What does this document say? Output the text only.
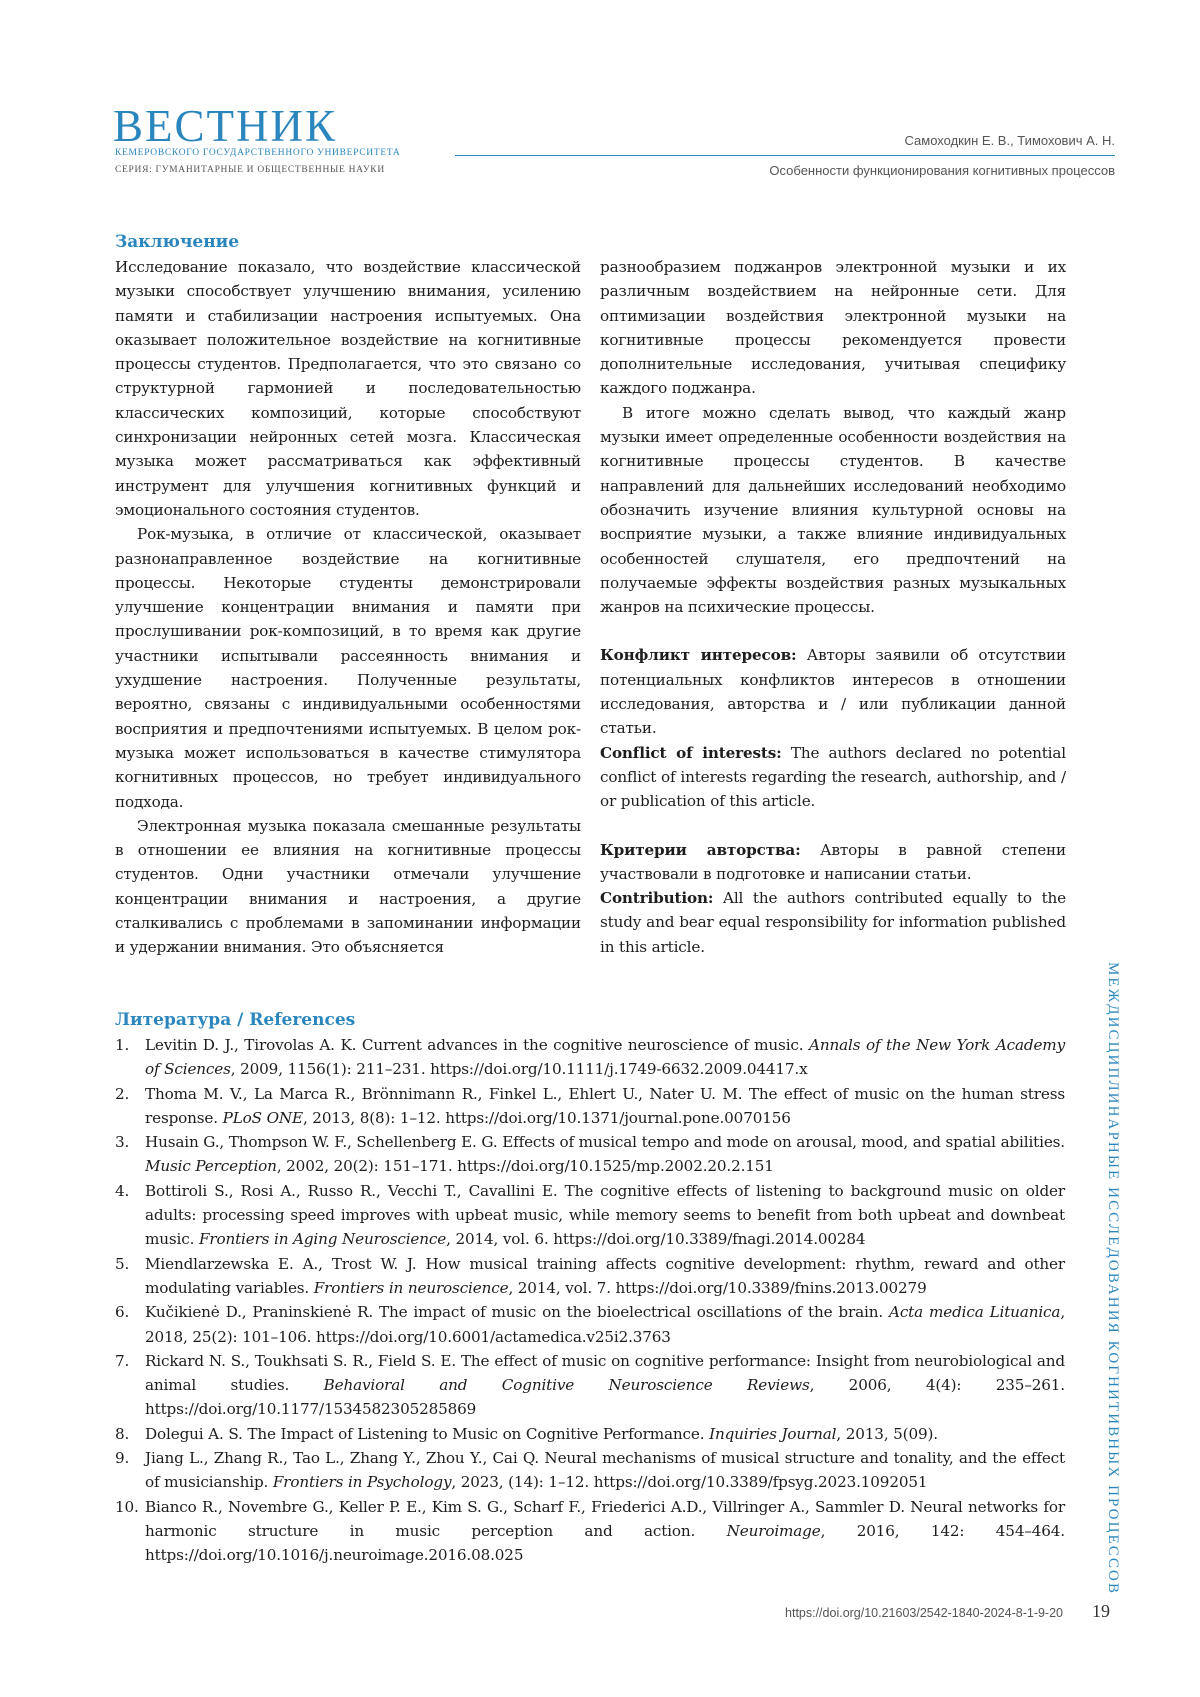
ВЕСТНИК

КЕМЕРОВСКОГО ГОСУДАРСТВЕННОГО УНИВЕРСИТЕТА

СЕРИЯ: ГУМАНИТАРНЫЕ И ОБЩЕСТВЕННЫЕ НАУКИ

Самоходкин Е. В., Тимохович А. Н.

Особенности функционирования когнитивных процессов

Заключение

Исследование показало, что воздействие классической музыки способствует улучшению внимания, усилению памяти и стабилизации настроения испытуемых. Она оказывает положительное воздействие на когнитивные процессы студентов. Предполагается, что это связано со структурной гармонией и последовательностью классических композиций, которые способствуют синхронизации нейронных сетей мозга. Классическая музыка может рассматриваться как эффективный инструмент для улучшения когнитивных функций и эмоционального состояния студентов.

Рок-музыка, в отличие от классической, оказывает разнонаправленное воздействие на когнитивные процессы. Некоторые студенты демонстрировали улучшение концентрации внимания и памяти при прослушивании рок-композиций, в то время как другие участники испытывали рассеянность внимания и ухудшение настроения. Полученные результаты, вероятно, связаны с индивидуальными особенностями восприятия и предпочтениями испытуемых. В целом рок-музыка может использоваться в качестве стимулятора когнитивных процессов, но требует индивидуального подхода.

Электронная музыка показала смешанные результаты в отношении ее влияния на когнитивные процессы студентов. Одни участники отмечали улучшение концентрации внимания и настроения, а другие сталкивались с проблемами в запоминании информации и удержании внимания. Это объясняется

разнообразием поджанров электронной музыки и их различным воздействием на нейронные сети. Для оптимизации воздействия электронной музыки на когнитивные процессы рекомендуется провести дополнительные исследования, учитывая специфику каждого поджанра.

В итоге можно сделать вывод, что каждый жанр музыки имеет определенные особенности воздействия на когнитивные процессы студентов. В качестве направлений для дальнейших исследований необходимо обозначить изучение влияния культурной основы на восприятие музыки, а также влияние индивидуальных особенностей слушателя, его предпочтений на получаемые эффекты воздействия разных музыкальных жанров на психические процессы.

Конфликт интересов: Авторы заявили об отсутствии потенциальных конфликтов интересов в отношении исследования, авторства и / или публикации данной статьи.

Conflict of interests: The authors declared no potential conflict of interests regarding the research, authorship, and / or publication of this article.

Критерии авторства: Авторы в равной степени участвовали в подготовке и написании статьи.

Contribution: All the authors contributed equally to the study and bear equal responsibility for information published in this article.

Литература / References
1. Levitin D. J., Tirovolas A. K. Current advances in the cognitive neuroscience of music. Annals of the New York Academy of Sciences, 2009, 1156(1): 211–231. https://doi.org/10.1111/j.1749-6632.2009.04417.x
2. Thoma M. V., La Marca R., Brönnimann R., Finkel L., Ehlert U., Nater U. M. The effect of music on the human stress response. PLoS ONE, 2013, 8(8): 1–12. https://doi.org/10.1371/journal.pone.0070156
3. Husain G., Thompson W. F., Schellenberg E. G. Effects of musical tempo and mode on arousal, mood, and spatial abilities. Music Perception, 2002, 20(2): 151–171. https://doi.org/10.1525/mp.2002.20.2.151
4. Bottiroli S., Rosi A., Russo R., Vecchi T., Cavallini E. The cognitive effects of listening to background music on older adults: processing speed improves with upbeat music, while memory seems to benefit from both upbeat and downbeat music. Frontiers in Aging Neuroscience, 2014, vol. 6. https://doi.org/10.3389/fnagi.2014.00284
5. Miendlarzewska E. A., Trost W. J. How musical training affects cognitive development: rhythm, reward and other modulating variables. Frontiers in neuroscience, 2014, vol. 7. https://doi.org/10.3389/fnins.2013.00279
6. Kučikienė D., Praninskienė R. The impact of music on the bioelectrical oscillations of the brain. Acta medica Lituanica, 2018, 25(2): 101–106. https://doi.org/10.6001/actamedica.v25i2.3763
7. Rickard N. S., Toukhsati S. R., Field S. E. The effect of music on cognitive performance: Insight from neurobiological and animal studies. Behavioral and Cognitive Neuroscience Reviews, 2006, 4(4): 235–261. https://doi.org/10.1177/1534582305285869
8. Dolegui A. S. The Impact of Listening to Music on Cognitive Performance. Inquiries Journal, 2013, 5(09).
9. Jiang L., Zhang R., Tao L., Zhang Y., Zhou Y., Cai Q. Neural mechanisms of musical structure and tonality, and the effect of musicianship. Frontiers in Psychology, 2023, (14): 1–12. https://doi.org/10.3389/fpsyg.2023.1092051
10. Bianco R., Novembre G., Keller P. E., Kim S. G., Scharf F., Friederici A.D., Villringer A., Sammler D. Neural networks for harmonic structure in music perception and action. Neuroimage, 2016, 142: 454–464. https://doi.org/10.1016/j.neuroimage.2016.08.025	МЕЖДИСЦИПЛИНАРНЫЕ ИССЛЕДОВАНИЯ КОГНИТИВНЫХ ПРОЦЕССОВ

https://doi.org/10.21603/2542-1840-2024-8-1-9-20 19
